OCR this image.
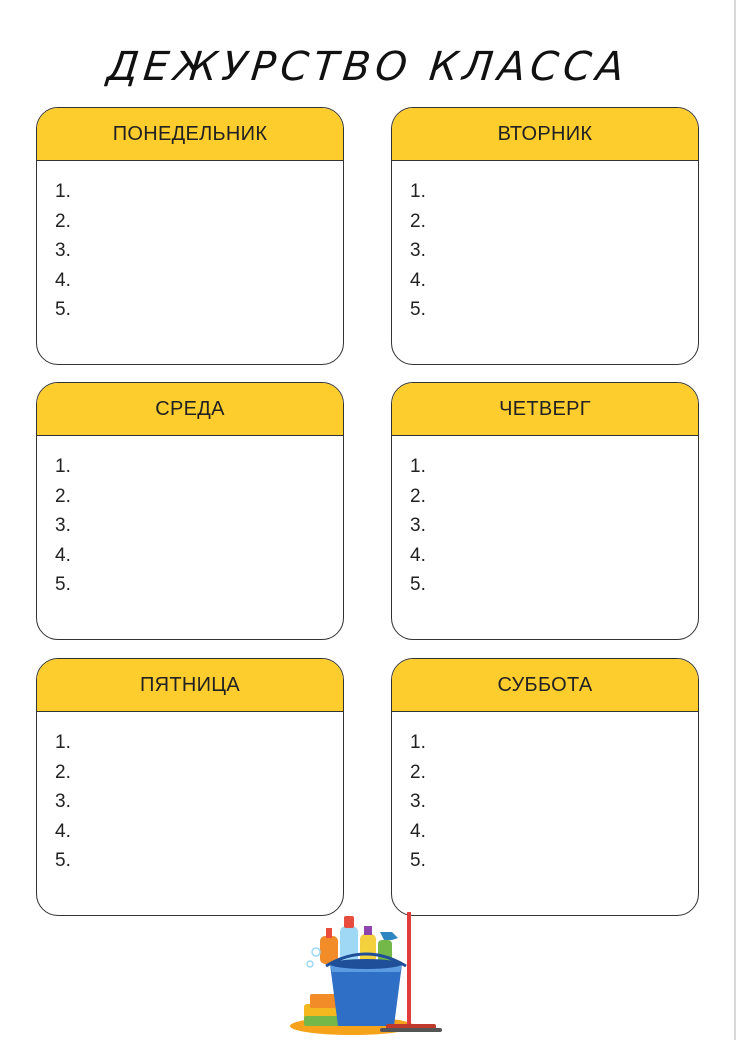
ДЕЖУРСТВО КЛАССА
ПОНЕДЕЛЬНИК
1.
2.
3.
4.
5.
ВТОРНИК
1.
2.
3.
4.
5.
СРЕДА
1.
2.
3.
4.
5.
ЧЕТВЕРГ
1.
2.
3.
4.
5.
ПЯТНИЦА
1.
2.
3.
4.
5.
СУББОТА
1.
2.
3.
4.
5.
